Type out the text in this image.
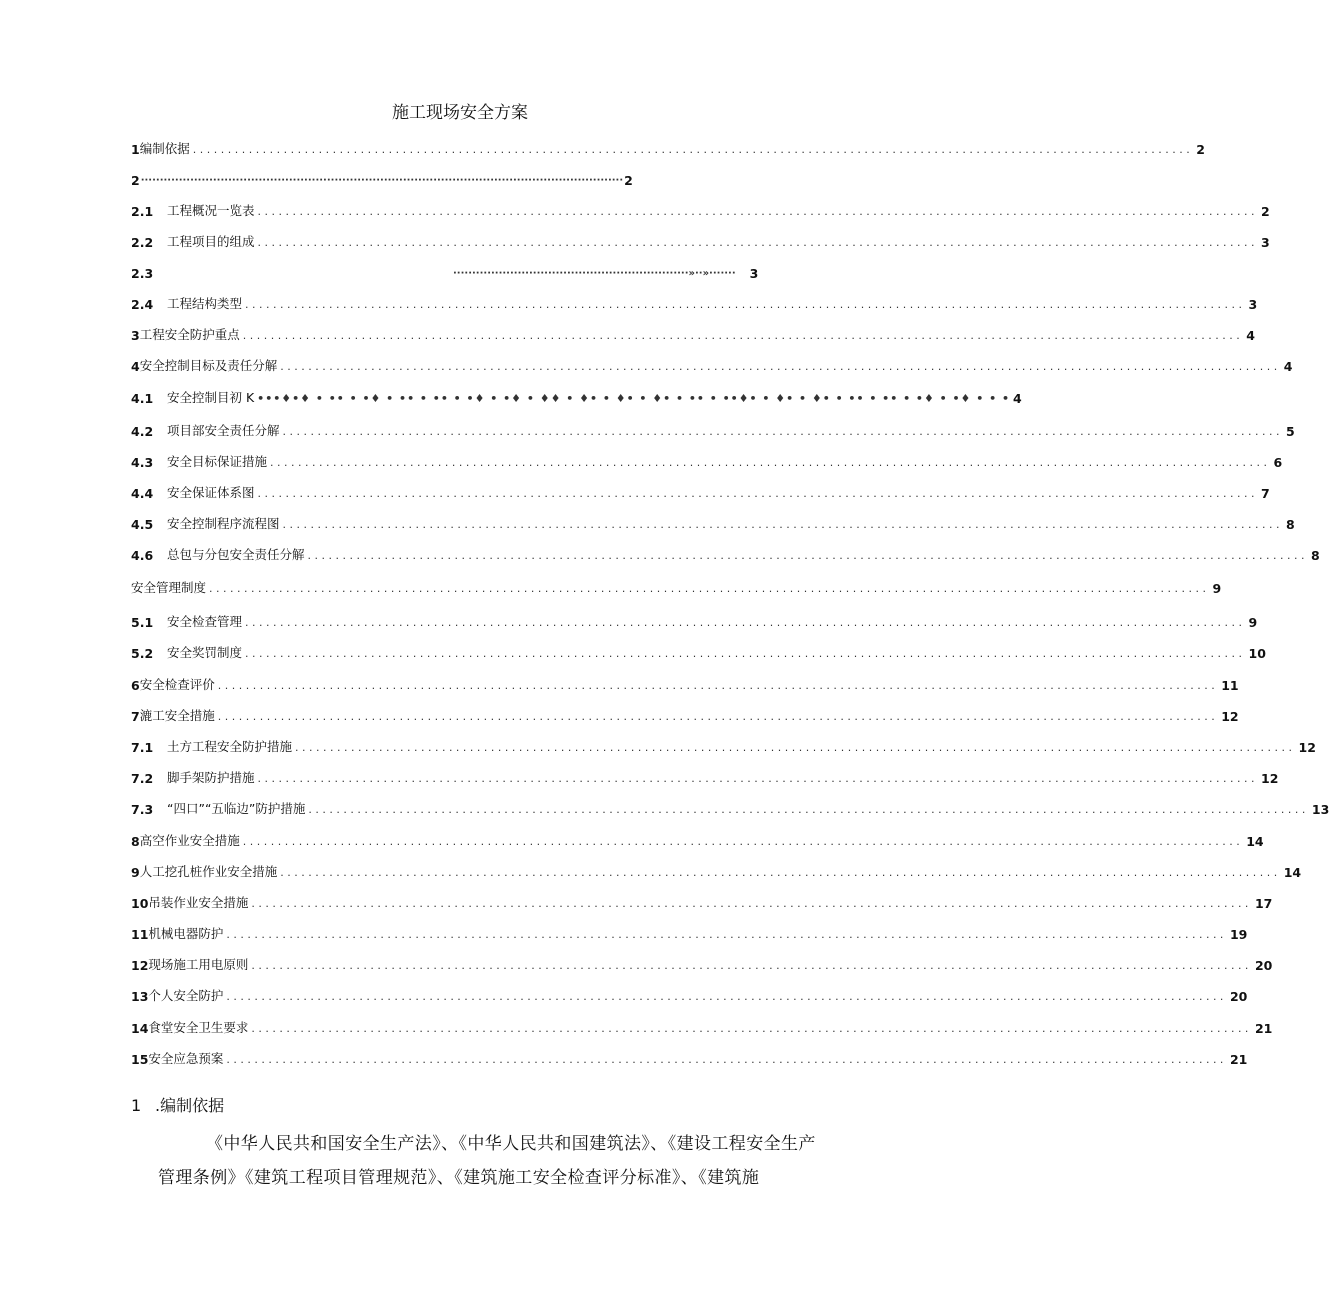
施工现场安全方案
1 编制依据 ............................................................................................................................................... 2
2 ······························································································································· 2
2.1	工程概况一览表 ............................................................................................................................................... 2
2.2	工程项目的组成 ............................................................................................................................................... 3
2.3	······························································»··»······· 3
2.4	工程结构类型 ............................................................................................................................................... 3
3 工程安全防护重点 ............................................................................................................................................... 4
4 安全控制目标及责任分解 ............................................................................................................................................... 4
4.1	安全控制目初 K •••♦•♦ • •• • •♦ • •• • •• • •♦ • •♦ • ♦♦ • ♦• • ♦• • ♦• • •• • ••♦• • ♦• • ♦• • •• • •• • •♦ • •♦ • • • 4
4.2	项目部安全责任分解 ............................................................................................................................................... 5
4.3	安全目标保证措施 ............................................................................................................................................... 6
4.4	安全保证体系图 ............................................................................................................................................... 7
4.5	安全控制程序流程图 ............................................................................................................................................... 8
4.6	总包与分包安全责任分解 ............................................................................................................................................... 8
安全管理制度 ............................................................................................................................................... 9
5.1	安全检查管理 ............................................................................................................................................... 9
5.2	安全奖罚制度 ............................................................................................................................................... 10
6 安全检查评价 ............................................................................................................................................... 11
7 漉工安全措施 ............................................................................................................................................... 12
7.1	土方工程安全防护措施 ............................................................................................................................................... 12
7.2	脚手架防护措施 ............................................................................................................................................... 12
7.3	“四口”“五临边”防护措施 ............................................................................................................................................... 13
8 高空作业安全措施 ............................................................................................................................................... 14
9 人工挖孔桩作业安全措施 ............................................................................................................................................... 14
10 吊装作业安全措施 ............................................................................................................................................... 17
11 机械电器防护 ............................................................................................................................................... 19
12 现场施工用电原则 ............................................................................................................................................... 20
13 个人安全防护 ............................................................................................................................................... 20
14 食堂安全卫生要求 ............................................................................................................................................... 21
15 安全应急预案 ............................................................................................................................................... 21
1 .编制依据
《中华人民共和国安全生产法》、《中华人民共和国建筑法》、《建设工程安全生产管理条例》《建筑工程项目管理规范》、《建筑施工安全检查评分标准》、《建筑施
